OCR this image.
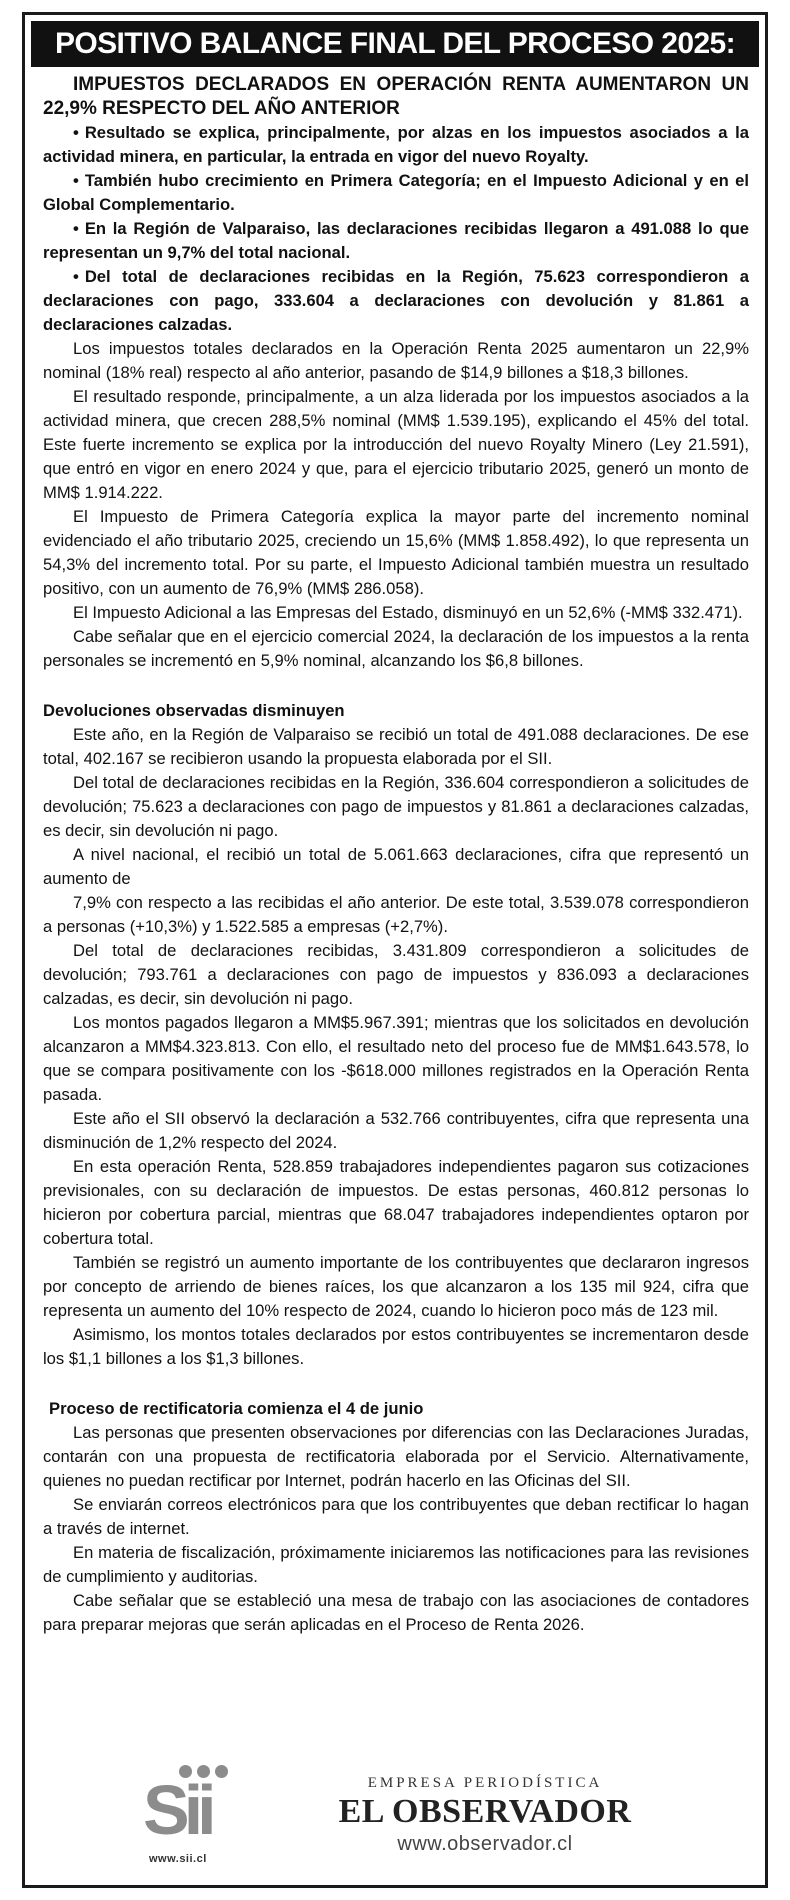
POSITIVO BALANCE FINAL DEL PROCESO 2025:

IMPUESTOS DECLARADOS EN OPERACIÓN RENTA AUMENTARON UN 22,9% RESPECTO DEL AÑO ANTERIOR

• Resultado se explica, principalmente, por alzas en los impuestos asociados a la actividad minera, en particular, la entrada en vigor del nuevo Royalty.

• También hubo crecimiento en Primera Categoría; en el Impuesto Adicional y en el Global Complementario.

• En la Región de Valparaiso, las declaraciones recibidas llegaron a 491.088 lo que representan un 9,7% del total nacional.

• Del total de declaraciones recibidas en la Región, 75.623 correspondieron a declaraciones con pago, 333.604 a declaraciones con devolución y 81.861 a declaraciones calzadas.

Los impuestos totales declarados en la Operación Renta 2025 aumentaron un 22,9% nominal (18% real) respecto al año anterior, pasando de $14,9 billones a $18,3 billones.

El resultado responde, principalmente, a un alza liderada por los impuestos asociados a la actividad minera, que crecen 288,5% nominal (MM$ 1.539.195), explicando el 45% del total. Este fuerte incremento se explica por la introducción del nuevo Royalty Minero (Ley 21.591), que entró en vigor en enero 2024 y que, para el ejercicio tributario 2025, generó un monto de MM$ 1.914.222.

El Impuesto de Primera Categoría explica la mayor parte del incremento nominal evidenciado el año tributario 2025, creciendo un 15,6% (MM$ 1.858.492), lo que representa un 54,3% del incremento total. Por su parte, el Impuesto Adicional también muestra un resultado positivo, con un aumento de 76,9% (MM$ 286.058).

El Impuesto Adicional a las Empresas del Estado, disminuyó en un 52,6% (-MM$ 332.471).

Cabe señalar que en el ejercicio comercial 2024, la declaración de los impuestos a la renta personales se incrementó en 5,9% nominal, alcanzando los $6,8 billones.

Devoluciones observadas disminuyen

Este año, en la Región de Valparaiso se recibió un total de 491.088 declaraciones. De ese total, 402.167 se recibieron usando la propuesta elaborada por el SII.

Del total de declaraciones recibidas en la Región, 336.604 correspondieron a solicitudes de devolución; 75.623 a declaraciones con pago de impuestos y 81.861 a declaraciones calzadas, es decir, sin devolución ni pago.

A nivel nacional, el recibió un total de 5.061.663 declaraciones, cifra que representó un aumento de

7,9% con respecto a las recibidas el año anterior. De este total, 3.539.078 correspondieron a personas (+10,3%) y 1.522.585 a empresas (+2,7%).

Del total de declaraciones recibidas, 3.431.809 correspondieron a solicitudes de devolución; 793.761 a declaraciones con pago de impuestos y 836.093 a declaraciones calzadas, es decir, sin devolución ni pago.

Los montos pagados llegaron a MM$5.967.391; mientras que los solicitados en devolución alcanzaron a MM$4.323.813. Con ello, el resultado neto del proceso fue de MM$1.643.578, lo que se compara positivamente con los -$618.000 millones registrados en la Operación Renta pasada.

Este año el SII observó la declaración a 532.766 contribuyentes, cifra que representa una disminución de 1,2% respecto del 2024.

En esta operación Renta, 528.859 trabajadores independientes pagaron sus cotizaciones previsionales, con su declaración de impuestos. De estas personas, 460.812 personas lo hicieron por cobertura parcial, mientras que 68.047 trabajadores independientes optaron por cobertura total.

También se registró un aumento importante de los contribuyentes que declararon ingresos por concepto de arriendo de bienes raíces, los que alcanzaron a los 135 mil 924, cifra que representa un aumento del 10% respecto de 2024, cuando lo hicieron poco más de 123 mil.

Asimismo, los montos totales declarados por estos contribuyentes se incrementaron desde los $1,1 billones a los $1,3 billones.

Proceso de rectificatoria comienza el 4 de junio

Las personas que presenten observaciones por diferencias con las Declaraciones Juradas, contarán con una propuesta de rectificatoria elaborada por el Servicio. Alternativamente, quienes no puedan rectificar por Internet, podrán hacerlo en las Oficinas del SII.

Se enviarán correos electrónicos para que los contribuyentes que deban rectificar lo hagan a través de internet.

En materia de fiscalización, próximamente iniciaremos las notificaciones para las revisiones de cumplimiento y auditorias.

Cabe señalar que se estableció una mesa de trabajo con las asociaciones de contadores para preparar mejoras que serán aplicadas en el Proceso de Renta 2026.

Sii
www.sii.cl
EMPRESA PERIODÍSTICA
EL OBSERVADOR
www.observador.cl
